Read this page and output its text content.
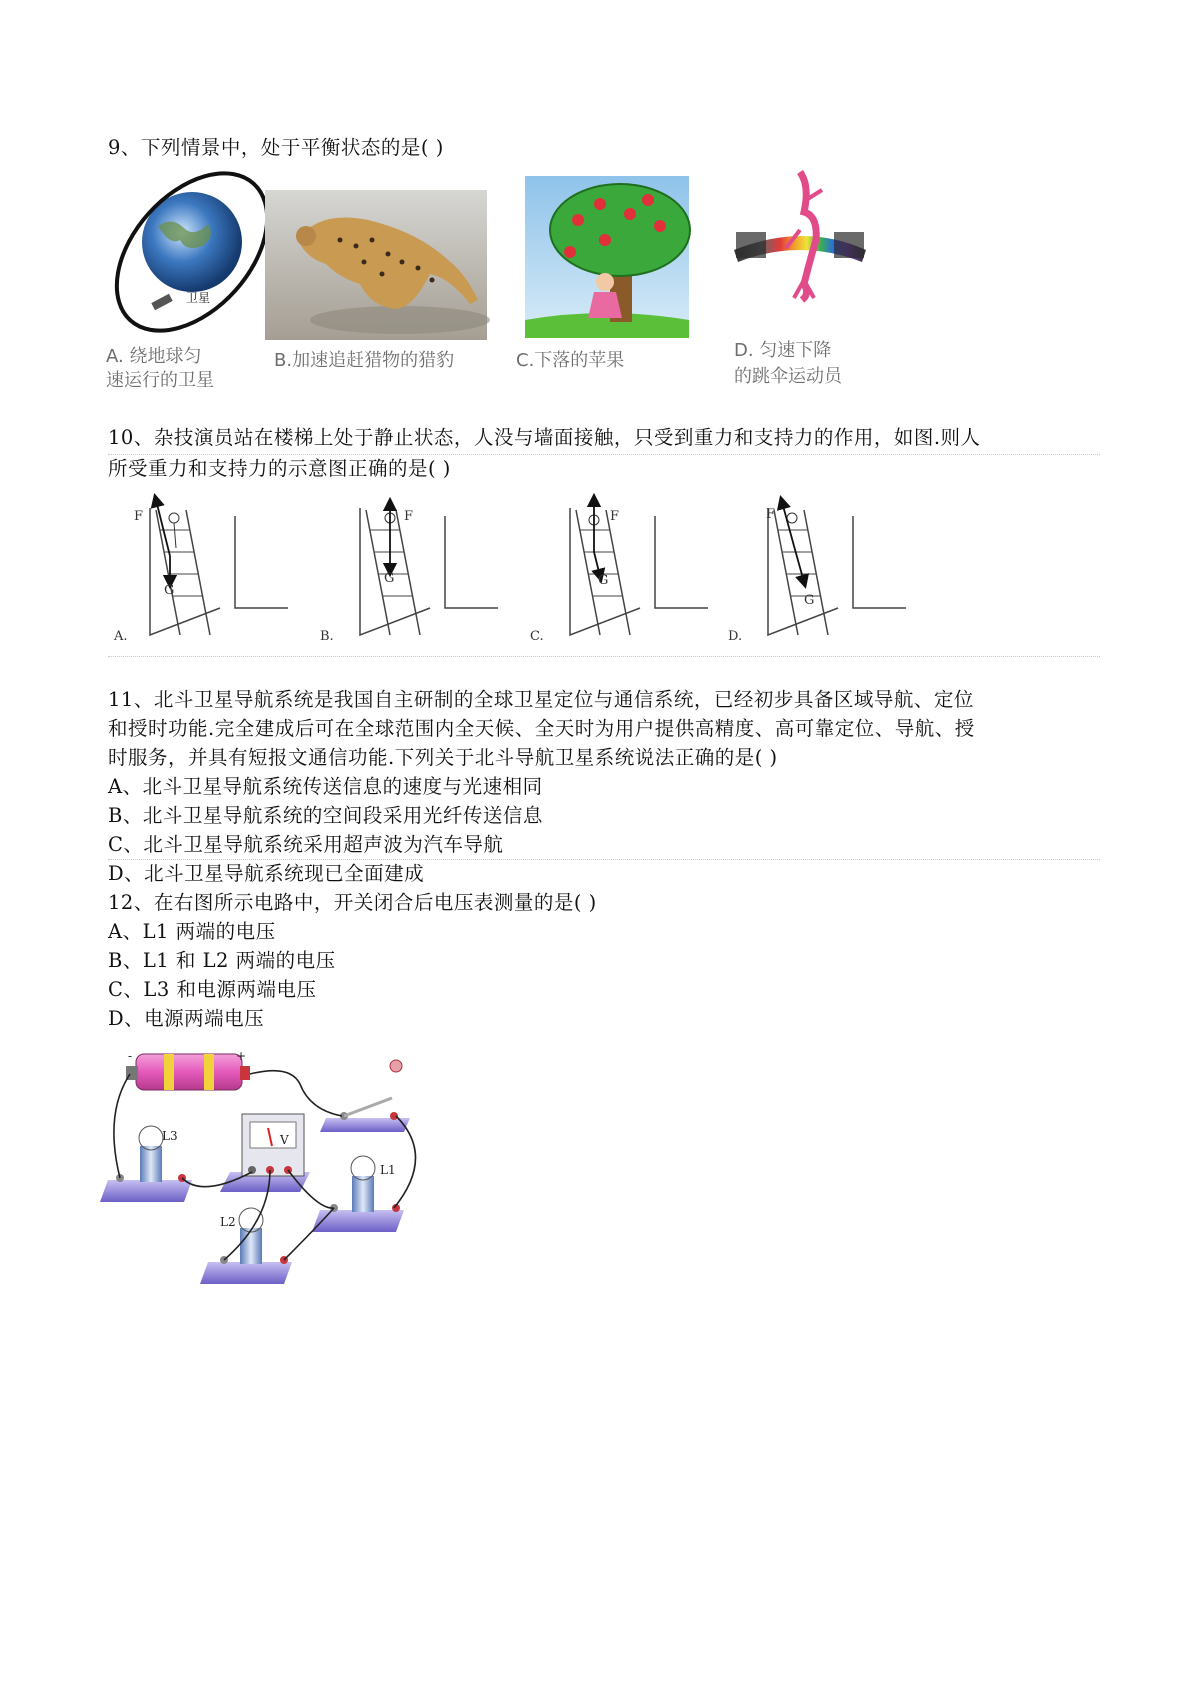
9、下列情景中，处于平衡状态的是( )
卫星
A. 绕地球匀
速运行的卫星
B.加速追赶猎物的猎豹	C.下落的苹果	D. 匀速下降
的跳伞运动员
10、杂技演员站在楼梯上处于静止状态，人没与墙面接触，只受到重力和支持力的作用，如图.则人
所受重力和支持力的示意图正确的是( )
A.
F
G
B.
F
G
C.
F
G
D.
F
G
11、北斗卫星导航系统是我国自主研制的全球卫星定位与通信系统，已经初步具备区域导航、定位
和授时功能.完全建成后可在全球范围内全天候、全天时为用户提供高精度、高可靠定位、导航、授
时服务，并具有短报文通信功能.下列关于北斗导航卫星系统说法正确的是( )
A、北斗卫星导航系统传送信息的速度与光速相同
B、北斗卫星导航系统的空间段采用光纤传送信息
C、北斗卫星导航系统采用超声波为汽车导航
D、北斗卫星导航系统现已全面建成
12、在右图所示电路中，开关闭合后电压表测量的是( )
A、L1 两端的电压
B、L1 和 L2 两端的电压
C、L3 和电源两端电压
D、电源两端电压
-	+
V
L3
L2
L1
